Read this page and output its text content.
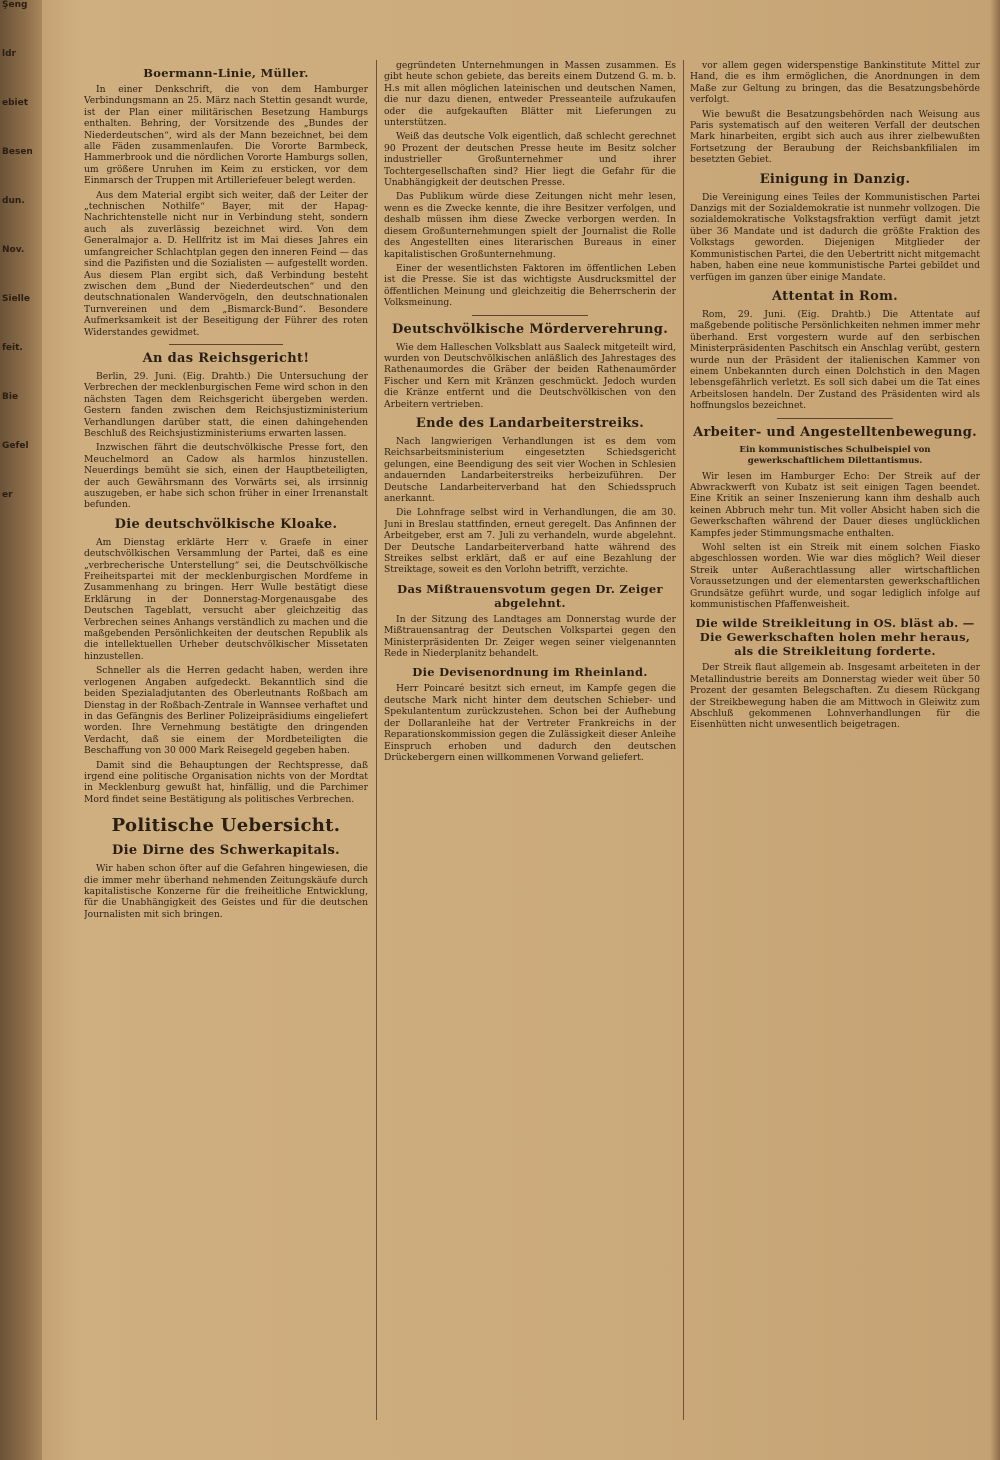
Şeng
ldr
ebiet
Besen
dun.
Nov.
Sielle
feit.
Bie
Gefel
er
Boermann-Linie, Müller.

In einer Denkschrift, die von dem Hamburger Verbindungsmann an 25. März nach Stettin gesandt wurde, ist der Plan einer militärischen Besetzung Hamburgs enthalten. Behring, der Vorsitzende des „Bundes der Niederdeutschen“, wird als der Mann bezeichnet, bei dem alle Fäden zusammenlaufen. Die Vororte Barmbeck, Hammerbrook und die nördlichen Vororte Hamburgs sollen, um größere Unruhen im Keim zu ersticken, vor dem Einmarsch der Truppen mit Artilleriefeuer belegt werden.

Aus dem Material ergibt sich weiter, daß der Leiter der „technischen Nothilfe“ Bayer, mit der Hapag-Nachrichtenstelle nicht nur in Verbindung steht, sondern auch als zuverlässig bezeichnet wird. Von dem Generalmajor a. D. Hellfritz ist im Mai dieses Jahres ein umfangreicher Schlachtplan gegen den inneren Feind — das sind die Pazifisten und die Sozialisten — aufgestellt worden. Aus diesem Plan ergibt sich, daß Verbindung besteht zwischen dem „Bund der Niederdeutschen“ und den deutschnationalen Wandervögeln, den deutschnationalen Turnvereinen und dem „Bismarck-Bund“. Besondere Aufmerksamkeit ist der Beseitigung der Führer des roten Widerstandes gewidmet.

An das Reichsgericht!

Berlin, 29. Juni. (Eig. Drahtb.) Die Untersuchung der Verbrechen der mecklenburgischen Feme wird schon in den nächsten Tagen dem Reichsgericht übergeben werden. Gestern fanden zwischen dem Reichsjustizministerium Verhandlungen darüber statt, die einen dahingehenden Beschluß des Reichsjustizministeriums erwarten lassen.

Inzwischen fährt die deutschvölkische Presse fort, den Meuchelmord an Cadow als harmlos hinzustellen. Neuerdings bemüht sie sich, einen der Hauptbeteiligten, der auch Gewährsmann des Vorwärts sei, als irrsinnig auszugeben, er habe sich schon früher in einer Irrenanstalt befunden.

Die deutschvölkische Kloake.

Am Dienstag erklärte Herr v. Graefe in einer deutschvölkischen Versammlung der Partei, daß es eine „verbrecherische Unterstellung“ sei, die Deutschvölkische Freiheitspartei mit der mecklenburgischen Mordfeme in Zusammenhang zu bringen. Herr Wulle bestätigt diese Erklärung in der Donnerstag-Morgenausgabe des Deutschen Tageblatt, versucht aber gleichzeitig das Verbrechen seines Anhangs verständlich zu machen und die maßgebenden Persönlichkeiten der deutschen Republik als die intellektuellen Urheber deutschvölkischer Missetaten hinzustellen.

Schneller als die Herren gedacht haben, werden ihre verlogenen Angaben aufgedeckt. Bekanntlich sind die beiden Spezialadjutanten des Oberleutnants Roßbach am Dienstag in der Roßbach-Zentrale in Wannsee verhaftet und in das Gefängnis des Berliner Polizeipräsidiums eingeliefert worden. Ihre Vernehmung bestätigte den dringenden Verdacht, daß sie einem der Mordbeteiligten die Beschaffung von 30 000 Mark Reisegeld gegeben haben.

Damit sind die Behauptungen der Rechtspresse, daß irgend eine politische Organisation nichts von der Mordtat in Mecklenburg gewußt hat, hinfällig, und die Parchimer Mord findet seine Bestätigung als politisches Verbrechen.

Politische Uebersicht.
Die Dirne des Schwerkapitals.

Wir haben schon öfter auf die Gefahren hingewiesen, die die immer mehr überhand nehmenden Zeitungskäufe durch kapitalistische Konzerne für die freiheitliche Entwicklung, für die Unabhängigkeit des Geistes und für die deutschen Journalisten mit sich bringen.

gegründeten Unternehmungen in Massen zusammen. Es gibt heute schon gebiete, das bereits einem Dutzend G. m. b. H.s mit allen möglichen lateinischen und deutschen Namen, die nur dazu dienen, entweder Presseanteile aufzukaufen oder die aufgekauften Blätter mit Lieferungen zu unterstützen.

Weiß das deutsche Volk eigentlich, daß schlecht gerechnet 90 Prozent der deutschen Presse heute im Besitz solcher industrieller Großunternehmer und ihrer Tochtergesellschaften sind? Hier liegt die Gefahr für die Unabhängigkeit der deutschen Presse.

Das Publikum würde diese Zeitungen nicht mehr lesen, wenn es die Zwecke kennte, die ihre Besitzer verfolgen, und deshalb müssen ihm diese Zwecke verborgen werden. In diesem Großunternehmungen spielt der Journalist die Rolle des Angestellten eines literarischen Bureaus in einer kapitalistischen Großunternehmung.

Einer der wesentlichsten Faktoren im öffentlichen Leben ist die Presse. Sie ist das wichtigste Ausdrucksmittel der öffentlichen Meinung und gleichzeitig die Beherrscherin der Volksmeinung.

Deutschvölkische Mörderverehrung.

Wie dem Halleschen Volksblatt aus Saaleck mitgeteilt wird, wurden von Deutschvölkischen anläßlich des Jahrestages des Rathenaumordes die Gräber der beiden Rathenaumörder Fischer und Kern mit Kränzen geschmückt. Jedoch wurden die Kränze entfernt und die Deutschvölkischen von den Arbeitern vertrieben.

Ende des Landarbeiterstreiks.

Nach langwierigen Verhandlungen ist es dem vom Reichsarbeitsministerium eingesetzten Schiedsgericht gelungen, eine Beendigung des seit vier Wochen in Schlesien andauernden Landarbeiterstreiks herbeizuführen. Der Deutsche Landarbeiterverband hat den Schiedsspruch anerkannt.

Die Lohnfrage selbst wird in Verhandlungen, die am 30. Juni in Breslau stattfinden, erneut geregelt. Das Anfinnen der Arbeitgeber, erst am 7. Juli zu verhandeln, wurde abgelehnt. Der Deutsche Landarbeiterverband hatte während des Streikes selbst erklärt, daß er auf eine Bezahlung der Streiktage, soweit es den Vorlohn betrifft, verzichte.

Das Mißtrauensvotum gegen Dr. Zeiger abgelehnt.

In der Sitzung des Landtages am Donnerstag wurde der Mißtrauensantrag der Deutschen Volkspartei gegen den Ministerpräsidenten Dr. Zeiger wegen seiner vielgenannten Rede in Niederplanitz behandelt.

Die Devisenordnung im Rheinland.

Herr Poincaré besitzt sich erneut, im Kampfe gegen die deutsche Mark nicht hinter dem deutschen Schieber- und Spekulantentum zurückzustehen. Schon bei der Aufhebung der Dollaranleihe hat der Vertreter Frankreichs in der Reparationskommission gegen die Zulässigkeit dieser Anleihe Einspruch erhoben und dadurch den deutschen Drückebergern einen willkommenen Vorwand geliefert.

vor allem gegen widerspenstige Bankinstitute Mittel zur Hand, die es ihm ermöglichen, die Anordnungen in dem Maße zur Geltung zu bringen, das die Besatzungsbehörde verfolgt.

Wie bewußt die Besatzungsbehörden nach Weisung aus Paris systematisch auf den weiteren Verfall der deutschen Mark hinarbeiten, ergibt sich auch aus ihrer zielbewußten Fortsetzung der Beraubung der Reichsbankfilialen im besetzten Gebiet.

Einigung in Danzig.

Die Vereinigung eines Teiles der Kommunistischen Partei Danzigs mit der Sozialdemokratie ist nunmehr vollzogen. Die sozialdemokratische Volkstagsfraktion verfügt damit jetzt über 36 Mandate und ist dadurch die größte Fraktion des Volkstags geworden. Diejenigen Mitglieder der Kommunistischen Partei, die den Uebertritt nicht mitgemacht haben, haben eine neue kommunistische Partei gebildet und verfügen im ganzen über einige Mandate.

Attentat in Rom.

Rom, 29. Juni. (Eig. Drahtb.) Die Attentate auf maßgebende politische Persönlichkeiten nehmen immer mehr überhand. Erst vorgestern wurde auf den serbischen Ministerpräsidenten Paschitsch ein Anschlag verübt, gestern wurde nun der Präsident der italienischen Kammer von einem Unbekannten durch einen Dolchstich in den Magen lebensgefährlich verletzt. Es soll sich dabei um die Tat eines Arbeitslosen handeln. Der Zustand des Präsidenten wird als hoffnungslos bezeichnet.

Arbeiter- und Angestelltenbewegung.
Ein kommunistisches Schulbeispiel von gewerkschaftlichem Dilettantismus.

Wir lesen im Hamburger Echo: Der Streik auf der Abwrackwerft von Kubatz ist seit einigen Tagen beendet. Eine Kritik an seiner Inszenierung kann ihm deshalb auch keinen Abbruch mehr tun. Mit voller Absicht haben sich die Gewerkschaften während der Dauer dieses unglücklichen Kampfes jeder Stimmungsmache enthalten.

Wohl selten ist ein Streik mit einem solchen Fiasko abgeschlossen worden. Wie war dies möglich? Weil dieser Streik unter Außerachtlassung aller wirtschaftlichen Voraussetzungen und der elementarsten gewerkschaftlichen Grundsätze geführt wurde, und sogar lediglich infolge auf kommunistischen Pfaffenweisheit.

Die wilde Streikleitung in OS. bläst ab. — Die Gewerkschaften holen mehr heraus, als die Streikleitung forderte.

Der Streik flaut allgemein ab. Insgesamt arbeiteten in der Metallindustrie bereits am Donnerstag wieder weit über 50 Prozent der gesamten Belegschaften. Zu diesem Rückgang der Streikbewegung haben die am Mittwoch in Gleiwitz zum Abschluß gekommenen Lohnverhandlungen für die Eisenhütten nicht unwesentlich beigetragen.
